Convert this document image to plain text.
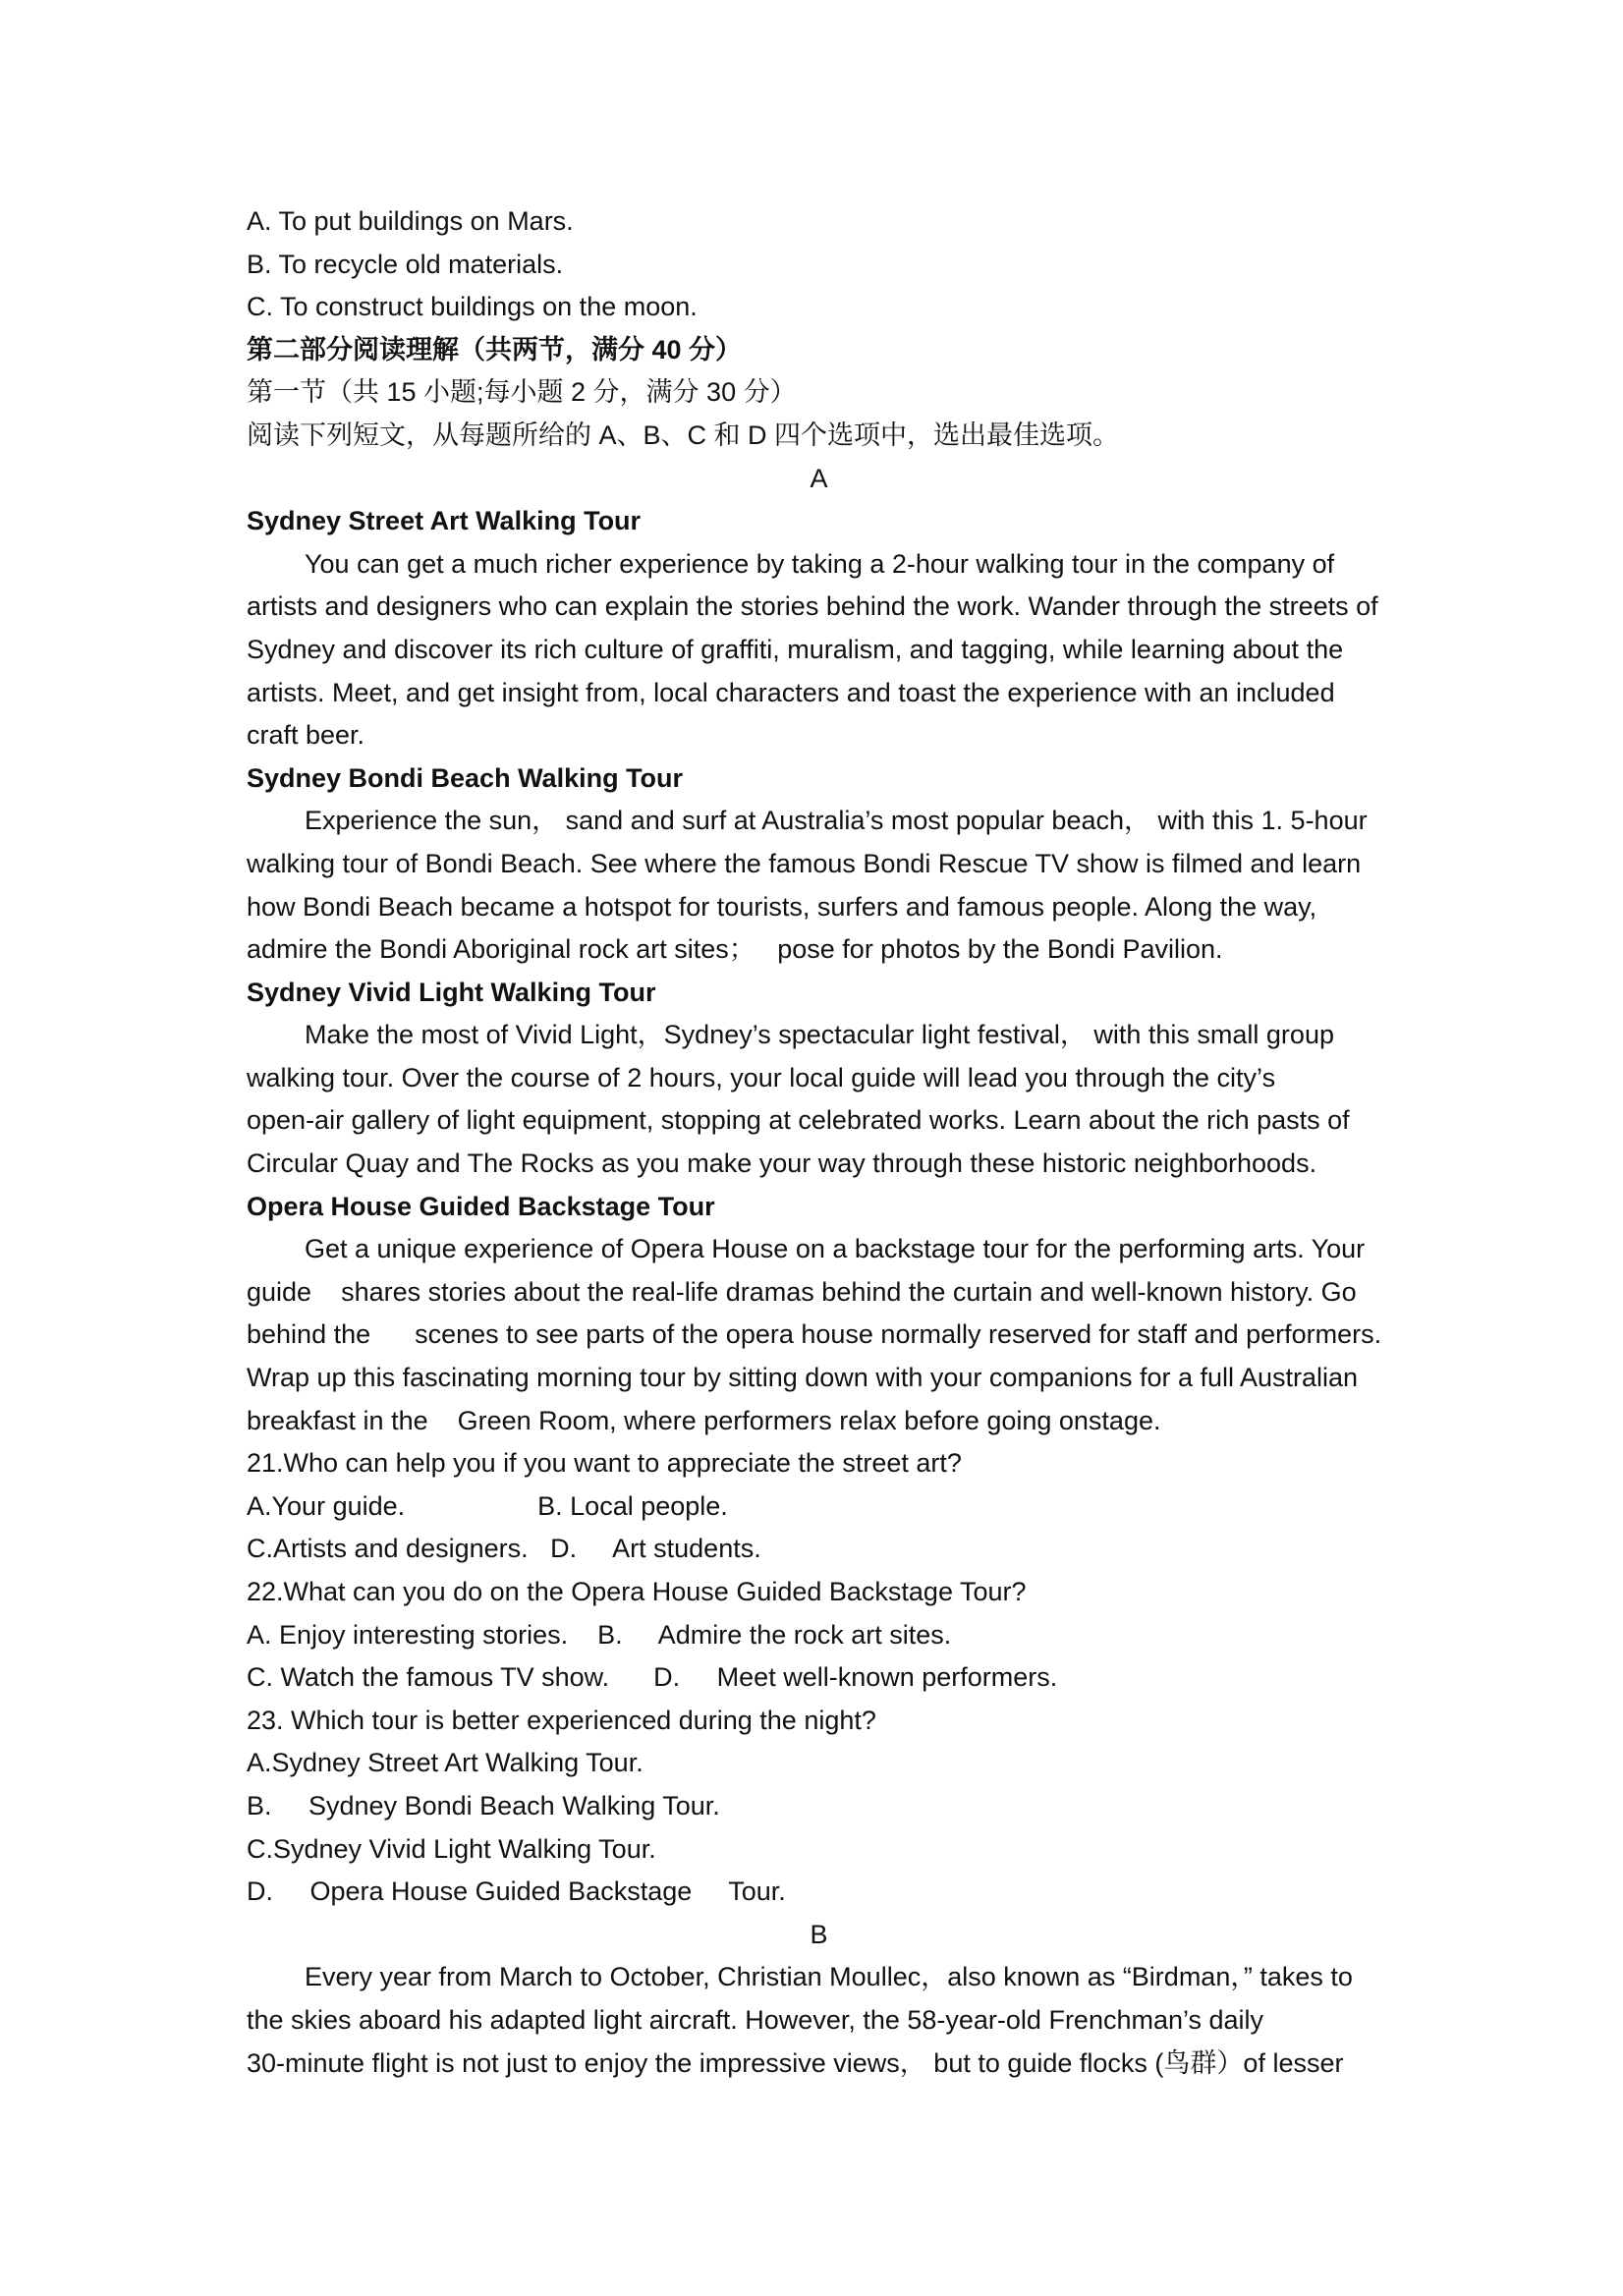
A. To put buildings on Mars.
B. To recycle old materials.
C. To construct buildings on the moon.
第二部分阅读理解（共两节，满分 40 分）
第一节（共 15 小题;每小题 2 分，满分 30 分）
阅读下列短文，从每题所给的 A、B、C 和 D 四个选项中，选出最佳选项。
A
Sydney Street Art Walking Tour
You can get a much richer experience by taking a 2-hour walking tour in the company of
artists and designers who can explain the stories behind the work. Wander through the streets of
Sydney and discover its rich culture of graffiti, muralism, and tagging, while learning about the
artists. Meet, and get insight from, local characters and toast the experience with an included
craft beer.
Sydney Bondi Beach Walking Tour
Experience the sun， sand and surf at Australia’s most popular beach， with this 1. 5-hour
walking tour of Bondi Beach. See where the famous Bondi Rescue TV show is filmed and learn
how Bondi Beach became a hotspot for tourists, surfers and famous people. Along the way,
admire the Bondi Aboriginal rock art sites；   pose for photos by the Bondi Pavilion.
Sydney Vivid Light Walking Tour
Make the most of Vivid Light，Sydney’s spectacular light festival， with this small group
walking tour. Over the course of 2 hours, your local guide will lead you through the city’s
open-air gallery of light equipment, stopping at celebrated works. Learn about the rich pasts of
Circular Quay and The Rocks as you make your way through these historic neighborhoods.
Opera House Guided Backstage Tour
Get a unique experience of Opera House on a backstage tour for the performing arts. Your
guide    shares stories about the real-life dramas behind the curtain and well-known history. Go
behind the      scenes to see parts of the opera house normally reserved for staff and performers.
Wrap up this fascinating morning tour by sitting down with your companions for a full Australian
breakfast in the    Green Room, where performers relax before going onstage.
21.Who can help you if you want to appreciate the street art?
A.Your guide.                  B. Local people.
C.Artists and designers.   D.     Art students.
22.What can you do on the Opera House Guided Backstage Tour?
A. Enjoy interesting stories.    B.     Admire the rock art sites.
C. Watch the famous TV show.      D.     Meet well-known performers.
23. Which tour is better experienced during the night?
A.Sydney Street Art Walking Tour.
B.     Sydney Bondi Beach Walking Tour.
C.Sydney Vivid Light Walking Tour.
D.     Opera House Guided Backstage     Tour.
B
Every year from March to October, Christian Moullec，also known as “Birdman，” takes to
the skies aboard his adapted light aircraft. However, the 58-year-old Frenchman’s daily
30-minute flight is not just to enjoy the impressive views， but to guide flocks (鸟群）of lesser
